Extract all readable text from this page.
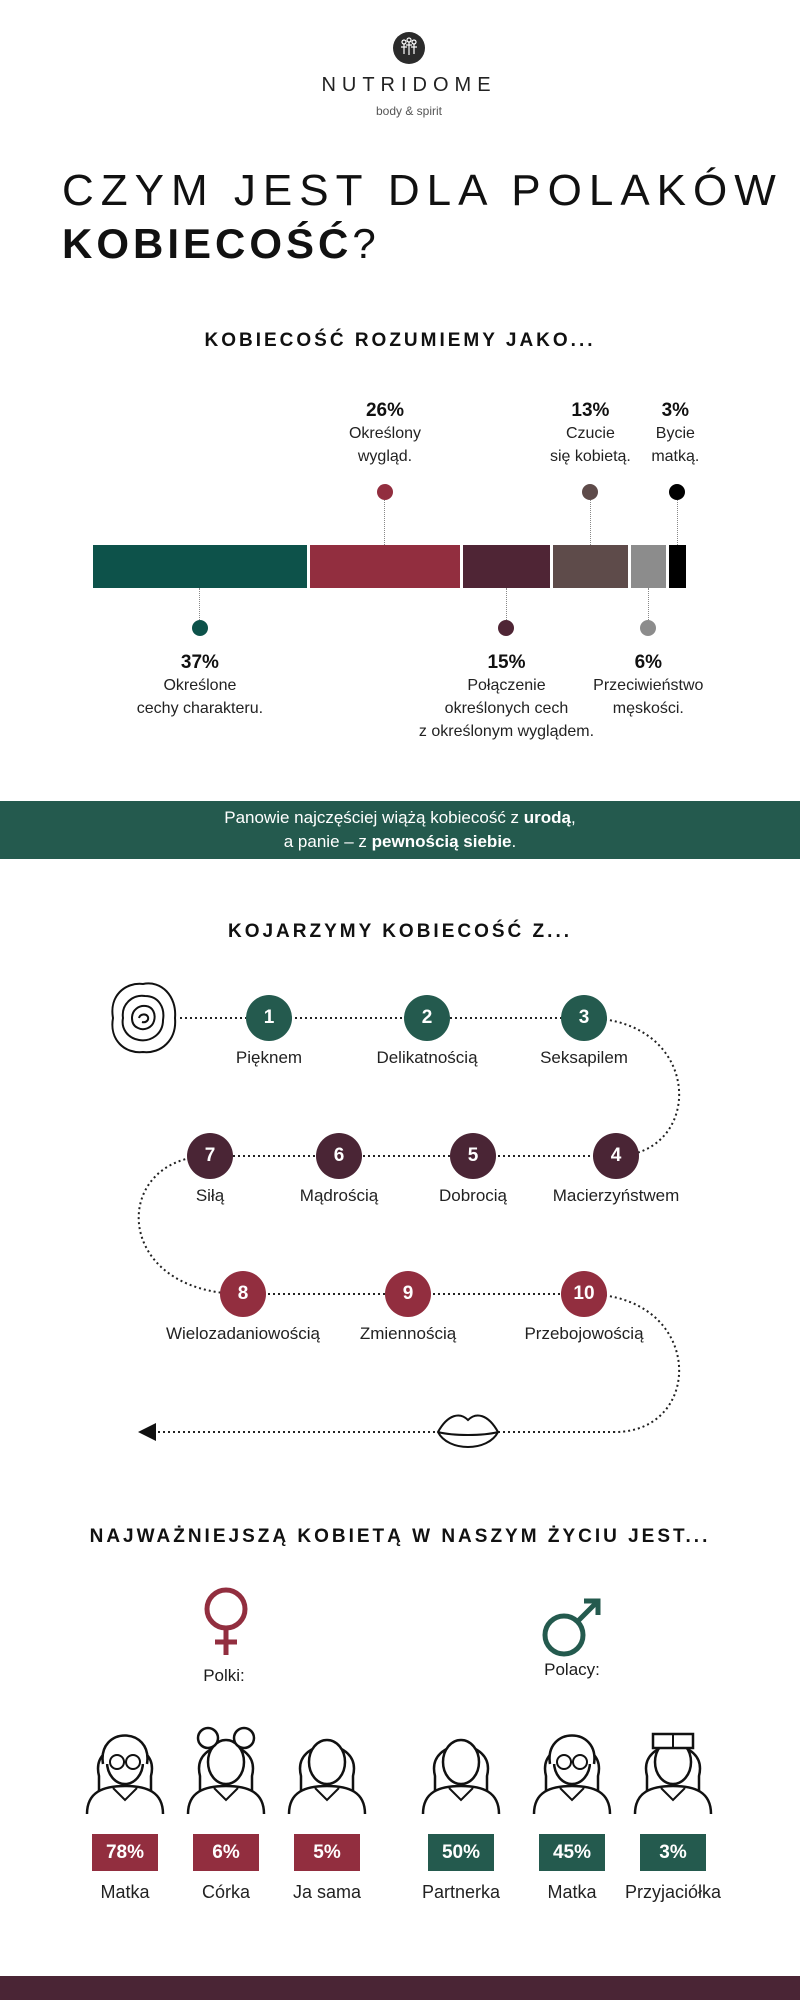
NUTRIDOME
body & spirit
CZYM JEST DLA POLAKÓW
KOBIECOŚĆ?
KOBIECOŚĆ ROZUMIEMY JAKO...
37%
Określone
cechy charakteru.
26%
Określony
wygląd.
15%
Połączenie
określonych cech
z określonym wyglądem.
13%
Czucie
się kobietą.
6%
Przeciwieństwo
męskości.
3%
Bycie
matką.
Panowie najczęściej wiążą kobiecość z urodą,
a panie – z pewnością siebie.
KOJARZYMY KOBIECOŚĆ Z...
1
Pięknem
2
Delikatnością
3
Seksapilem
4
Macierzyństwem
5
Dobrocią
6
Mądrością
7
Siłą
8
Wielozadaniowością
9
Zmiennością
10
Przebojowością
NAJWAŻNIEJSZĄ KOBIETĄ W NASZYM ŻYCIU JEST...
Polki:	Polacy:
78%
Matka
6%
Córka
5%
Ja sama
50%
Partnerka
45%
Matka
3%
Przyjaciółka
